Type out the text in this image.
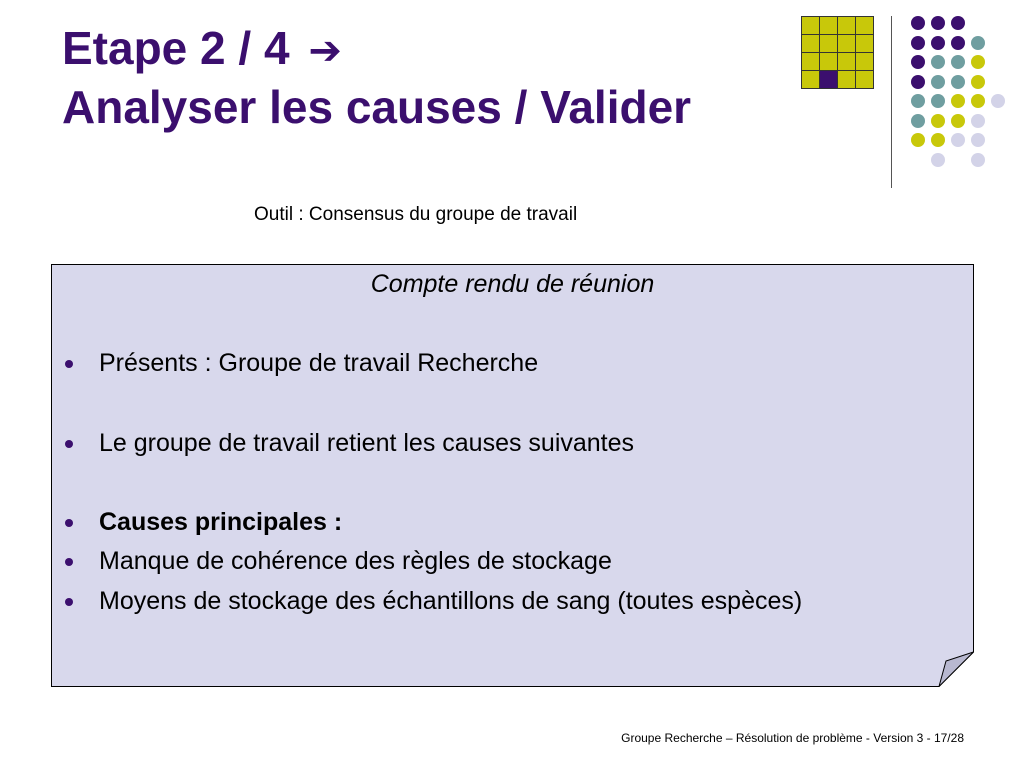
Etape 2 / 4 ➔
Analyser les causes / Valider
Outil : Consensus du groupe de travail
Compte rendu de réunion
Présents : Groupe de travail Recherche
Le groupe de travail retient les causes suivantes
Causes principales :
Manque de cohérence des règles de stockage
Moyens de stockage des échantillons de sang (toutes espèces)
Groupe Recherche – Résolution de problème - Version 3 - 17/28
